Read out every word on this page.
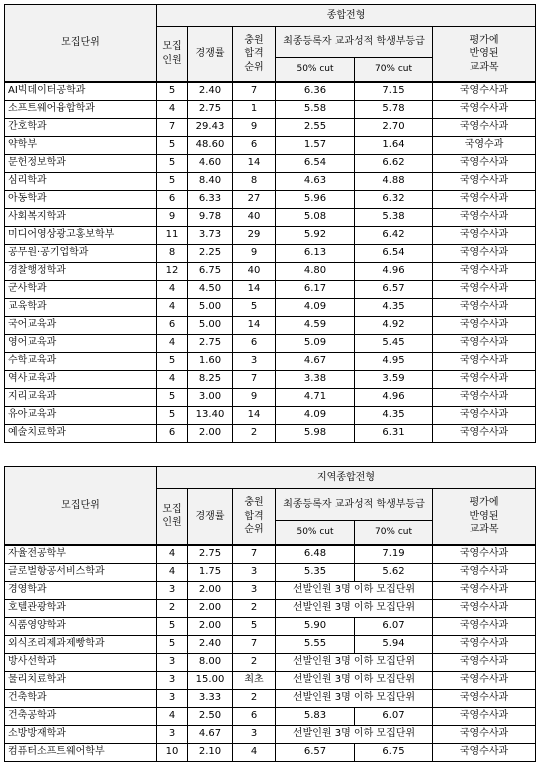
모집단위	종합전형					
	모집
인원	경쟁률	충원
합격
순위	최종등록자 교과성적 학생부등급		평가에
반영된
교과목
				50% cut	70% cut	

AI빅데이터공학과	5	2.40	7	6.36	7.15	국영수사과

소프트웨어융합학과	4	2.75	1	5.58	5.78	국영수사과

간호학과	7	29.43	9	2.55	2.70	국영수사과

약학부	5	48.60	6	1.57	1.64	국영수과

문헌정보학과	5	4.60	14	6.54	6.62	국영수사과

심리학과	5	8.40	8	4.63	4.88	국영수사과

아동학과	6	6.33	27	5.96	6.32	국영수사과

사회복지학과	9	9.78	40	5.08	5.38	국영수사과

미디어영상광고홍보학부	11	3.73	29	5.92	6.42	국영수사과

공무원·공기업학과	8	2.25	9	6.13	6.54	국영수사과

경찰행정학과	12	6.75	40	4.80	4.96	국영수사과

군사학과	4	4.50	14	6.17	6.57	국영수사과

교육학과	4	5.00	5	4.09	4.35	국영수사과

국어교육과	6	5.00	14	4.59	4.92	국영수사과

영어교육과	4	2.75	6	5.09	5.45	국영수사과

수학교육과	5	1.60	3	4.67	4.95	국영수사과

역사교육과	4	8.25	7	3.38	3.59	국영수사과

지리교육과	5	3.00	9	4.71	4.96	국영수사과

유아교육과	5	13.40	14	4.09	4.35	국영수사과

예술치료학과	6	2.00	2	5.98	6.31	국영수사과
모집단위	지역종합전형					
	모집
인원	경쟁률	충원
합격
순위	최종등록자 교과성적 학생부등급		평가에
반영된
교과목
				50% cut	70% cut	

자율전공학부	4	2.75	7	6.48	7.19	국영수사과

글로벌항공서비스학과	4	1.75	3	5.35	5.62	국영수사과

경영학과	3	2.00	3	선발인원 3명 이하 모집단위		국영수사과

호텔관광학과	2	2.00	2	선발인원 3명 이하 모집단위		국영수사과

식품영양학과	5	2.00	5	5.90	6.07	국영수사과

외식조리제과제빵학과	5	2.40	7	5.55	5.94	국영수사과

방사선학과	3	8.00	2	선발인원 3명 이하 모집단위		국영수사과

물리치료학과	3	15.00	최초	선발인원 3명 이하 모집단위		국영수사과

건축학과	3	3.33	2	선발인원 3명 이하 모집단위		국영수사과

건축공학과	4	2.50	6	5.83	6.07	국영수사과

소방방재학과	3	4.67	3	선발인원 3명 이하 모집단위		국영수사과

컴퓨터소프트웨어학부	10	2.10	4	6.57	6.75	국영수사과
